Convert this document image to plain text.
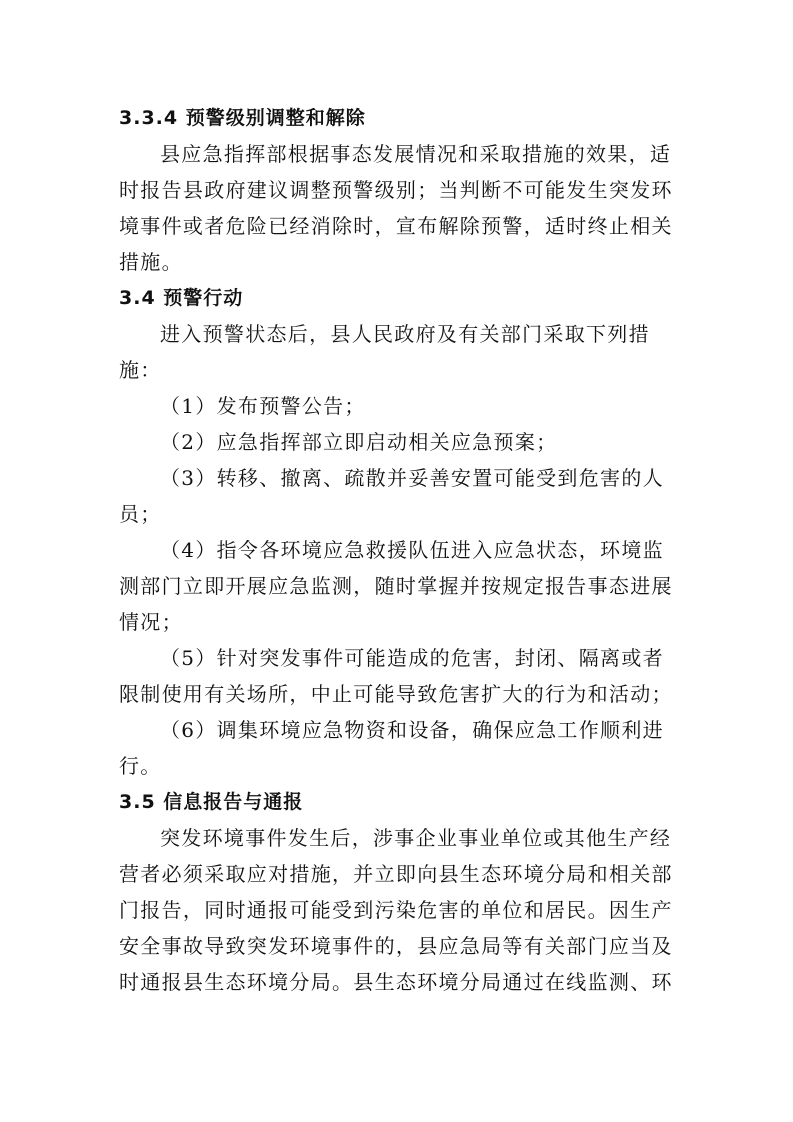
3.3.4 预警级别调整和解除
县应急指挥部根据事态发展情况和采取措施的效果，适
时报告县政府建议调整预警级别；当判断不可能发生突发环
境事件或者危险已经消除时，宣布解除预警，适时终止相关
措施。
3.4 预警行动
进入预警状态后，县人民政府及有关部门采取下列措
施：
（1）发布预警公告；
（2）应急指挥部立即启动相关应急预案；
（3）转移、撤离、疏散并妥善安置可能受到危害的人
员；
（4）指令各环境应急救援队伍进入应急状态，环境监
测部门立即开展应急监测，随时掌握并按规定报告事态进展
情况；
（5）针对突发事件可能造成的危害，封闭、隔离或者
限制使用有关场所，中止可能导致危害扩大的行为和活动；
（6）调集环境应急物资和设备，确保应急工作顺利进
行。
3.5 信息报告与通报
突发环境事件发生后，涉事企业事业单位或其他生产经
营者必须采取应对措施，并立即向县生态环境分局和相关部
门报告，同时通报可能受到污染危害的单位和居民。因生产
安全事故导致突发环境事件的，县应急局等有关部门应当及
时通报县生态环境分局。县生态环境分局通过在线监测、环
